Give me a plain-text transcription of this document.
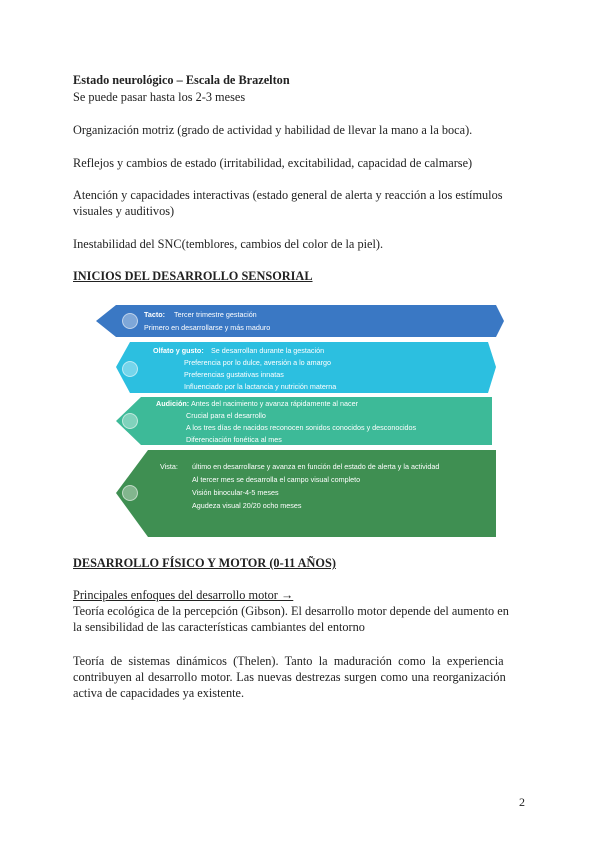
Estado neurológico – Escala de Brazelton
Se puede pasar hasta los 2-3 meses
Organización motriz (grado de actividad y habilidad de llevar la mano a la boca).
Reflejos y cambios de estado (irritabilidad, excitabilidad, capacidad de calmarse)
Atención y capacidades interactivas (estado general de alerta y reacción a los estímulos
visuales y auditivos)
Inestabilidad del SNC(temblores, cambios del color de la piel).
INICIOS DEL DESARROLLO SENSORIAL
Tacto: Tercer trimestre gestación
Primero en desarrollarse y más maduro
Olfato y gusto: Se desarrollan durante la gestación
Preferencia por lo dulce, aversión a lo amargo
Preferencias gustativas innatas
Influenciado por la lactancia y nutrición materna
Audición: Antes del nacimiento y avanza rápidamente al nacer
Crucial para el desarrollo
A los tres días de nacidos reconocen sonidos conocidos y desconocidos
Diferenciación fonética al mes
Vista: último en desarrollarse y avanza en función del estado de alerta y la actividad
Al tercer mes se desarrolla el campo visual completo
Visión binocular-4-5 meses
Agudeza visual 20/20 ocho meses
DESARROLLO FÍSICO Y MOTOR (0-11 AÑOS)
Principales enfoques del desarrollo motor →
Teoría ecológica de la percepción (Gibson). El desarrollo motor depende del aumento en
la sensibilidad de las características cambiantes del entorno
Teoría de sistemas dinámicos (Thelen). Tanto la maduración como la experiencia
contribuyen al desarrollo motor. Las nuevas destrezas surgen como una reorganización
activa de capacidades ya existente.
2
